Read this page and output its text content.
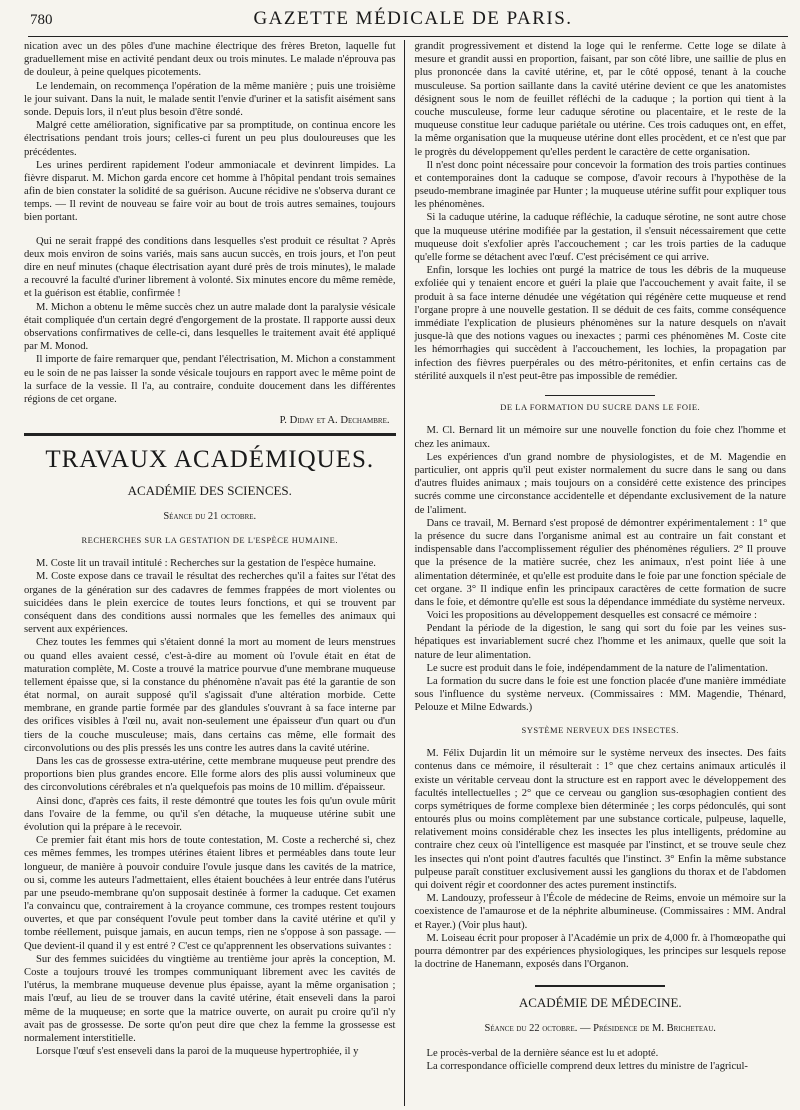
780	GAZETTE MÉDICALE DE PARIS.

nication avec un des pôles d'une machine électrique des frères Breton, laquelle fut graduellement mise en activité pendant deux ou trois minutes. Le malade n'éprouva pas de douleur, à peine quelques picotements.

Le lendemain, on recommença l'opération de la même manière ; puis une troisième le jour suivant. Dans la nuit, le malade sentit l'envie d'uriner et la satisfit aisément sans sonde. Depuis lors, il n'eut plus besoin d'être sondé.

Malgré cette amélioration, significative par sa promptitude, on continua encore les électrisations pendant trois jours; celles-ci furent un peu plus douloureuses que les précédentes.

Les urines perdirent rapidement l'odeur ammoniacale et devinrent limpides. La fièvre disparut. M. Michon garda encore cet homme à l'hôpital pendant trois semaines afin de bien constater la solidité de sa guérison. Aucune récidive ne s'observa durant ce temps. — Il revint de nouveau se faire voir au bout de trois autres semaines, toujours bien portant.

Qui ne serait frappé des conditions dans lesquelles s'est produit ce résultat ? Après deux mois environ de soins variés, mais sans aucun succès, en trois jours, et l'on peut dire en neuf minutes (chaque électrisation ayant duré près de trois minutes), le malade a recouvré la faculté d'uriner librement à volonté. Six minutes encore du même remède, et la guérison est établie, confirmée !

M. Michon a obtenu le même succès chez un autre malade dont la paralysie vésicale était compliquée d'un certain degré d'engorgement de la prostate. Il rapporte aussi deux observations confirmatives de celle-ci, dans lesquelles le traitement avait été appliqué par M. Monod.

Il importe de faire remarquer que, pendant l'électrisation, M. Michon a constamment eu le soin de ne pas laisser la sonde vésicale toujours en rapport avec le même point de la surface de la vessie. Il l'a, au contraire, conduite doucement dans les différentes régions de cet organe.

P. Diday et A. Dechambre.

TRAVAUX ACADÉMIQUES.
ACADÉMIE DES SCIENCES.
Séance du 21 octobre.
RECHERCHES SUR LA GESTATION DE L'ESPÈCE HUMAINE.

M. Coste lit un travail intitulé : Recherches sur la gestation de l'espèce humaine.

M. Coste expose dans ce travail le résultat des recherches qu'il a faites sur l'état des organes de la génération sur des cadavres de femmes frappées de mort violentes ou suicidées dans le plein exercice de toutes leurs fonctions, et qui se trouvent par conséquent dans des conditions aussi normales que les femelles des animaux qui servent aux expériences.

Chez toutes les femmes qui s'étaient donné la mort au moment de leurs menstrues ou quand elles avaient cessé, c'est-à-dire au moment où l'ovule était en état de maturation complète, M. Coste a trouvé la matrice pourvue d'une membrane muqueuse tellement épaisse que, si la constance du phénomène n'avait pas été la garantie de son état normal, on aurait supposé qu'il s'agissait d'une altération morbide. Cette membrane, en grande partie formée par des glandules s'ouvrant à sa face interne par des orifices visibles à l'œil nu, avait non-seulement une épaisseur d'un quart ou d'un tiers de la couche musculeuse; mais, dans certains cas même, elle formait des circonvolutions ou des plis pressés les uns contre les autres dans la cavité utérine.

Dans les cas de grossesse extra-utérine, cette membrane muqueuse peut prendre des proportions bien plus grandes encore. Elle forme alors des plis aussi volumineux que des circonvolutions cérébrales et n'a quelquefois pas moins de 10 millim. d'épaisseur.

Ainsi donc, d'après ces faits, il reste démontré que toutes les fois qu'un ovule mûrit dans l'ovaire de la femme, ou qu'il s'en détache, la muqueuse utérine subit une évolution qui la prépare à le recevoir.

Ce premier fait étant mis hors de toute contestation, M. Coste a recherché si, chez ces mêmes femmes, les trompes utérines étaient libres et perméables dans toute leur longueur, de manière à pouvoir conduire l'ovule jusque dans les cavités de la matrice, ou si, comme les auteurs l'admettaient, elles étaient bouchées à leur entrée dans l'utérus par une pseudo-membrane qu'on supposait destinée à former la caduque. Cet examen l'a convaincu que, contrairement à la croyance commune, ces trompes restent toujours ouvertes, et que par conséquent l'ovule peut tomber dans la cavité utérine et qu'il y tombe réellement, puisque jamais, en aucun temps, rien ne s'oppose à son passage. — Que devient-il quand il y est entré ? C'est ce qu'apprennent les observations suivantes :

Sur des femmes suicidées du vingtième au trentième jour après la conception, M. Coste a toujours trouvé les trompes communiquant librement avec les cavités de l'utérus, la membrane muqueuse devenue plus épaisse, ayant la même organisation ; mais l'œuf, au lieu de se trouver dans la cavité utérine, était enseveli dans la paroi même de la muqueuse; en sorte que la matrice ouverte, on aurait pu croire qu'il n'y avait pas de grossesse. De sorte qu'on peut dire que chez la femme la grossesse est normalement interstitielle.

Lorsque l'œuf s'est enseveli dans la paroi de la muqueuse hypertrophiée, il y

grandit progressivement et distend la loge qui le renferme. Cette loge se dilate à mesure et grandit aussi en proportion, faisant, par son côté libre, une saillie de plus en plus prononcée dans la cavité utérine, et, par le côté opposé, tenant à la couche musculeuse. Sa portion saillante dans la cavité utérine devient ce que les anatomistes désignent sous le nom de feuillet réfléchi de la caduque ; la portion qui tient à la couche musculeuse, forme leur caduque sérotine ou placentaire, et le reste de la muqueuse constitue leur caduque pariétale ou utérine. Ces trois caduques ont, en effet, la même organisation que la muqueuse utérine dont elles procèdent, et ce n'est que par le progrès du développement qu'elles perdent le caractère de cette organisation.

Il n'est donc point nécessaire pour concevoir la formation des trois parties continues et contemporaines dont la caduque se compose, d'avoir recours à l'hypothèse de la pseudo-membrane imaginée par Hunter ; la muqueuse utérine suffit pour expliquer tous les phénomènes.

Si la caduque utérine, la caduque réfléchie, la caduque sérotine, ne sont autre chose que la muqueuse utérine modifiée par la gestation, il s'ensuit nécessairement que cette muqueuse doit s'exfolier après l'accouchement ; car les trois parties de la caduque qu'elle forme se détachent avec l'œuf. C'est précisément ce qui arrive.

Enfin, lorsque les lochies ont purgé la matrice de tous les débris de la muqueuse exfoliée qui y tenaient encore et guéri la plaie que l'accouchement y avait faite, il se produit à sa face interne dénudée une végétation qui régénère cette muqueuse et rend l'organe propre à une nouvelle gestation. Il se déduit de ces faits, comme conséquence immédiate l'explication de plusieurs phénomènes sur la nature desquels on n'avait jusque-là que des notions vagues ou inexactes ; parmi ces phénomènes M. Coste cite les hémorrhagies qui succèdent à l'accouchement, les lochies, la propagation par infection des fièvres puerpérales ou des métro-péritonites, et enfin certains cas de stérilité auxquels il n'est peut-être pas impossible de remédier.

DE LA FORMATION DU SUCRE DANS LE FOIE.

M. Cl. Bernard lit un mémoire sur une nouvelle fonction du foie chez l'homme et chez les animaux.

Les expériences d'un grand nombre de physiologistes, et de M. Magendie en particulier, ont appris qu'il peut exister normalement du sucre dans le sang ou dans d'autres fluides animaux ; mais toujours on a considéré cette existence des principes sucrés comme une circonstance accidentelle et dépendante exclusivement de la nature de l'aliment.

Dans ce travail, M. Bernard s'est proposé de démontrer expérimentalement : 1° que la présence du sucre dans l'organisme animal est au contraire un fait constant et indispensable dans l'accomplissement régulier des phénomènes réguliers. 2° Il prouve que la présence de la matière sucrée, chez les animaux, n'est point liée à une alimentation déterminée, et qu'elle est produite dans le foie par une fonction spéciale de cet organe. 3° Il indique enfin les principaux caractères de cette formation de sucre dans le foie, et démontre qu'elle est sous la dépendance immédiate du système nerveux.

Voici les propositions au développement desquelles est consacré ce mémoire :

Pendant la période de la digestion, le sang qui sort du foie par les veines sus-hépatiques est invariablement sucré chez l'homme et les animaux, quelle que soit la nature de leur alimentation.

Le sucre est produit dans le foie, indépendamment de la nature de l'alimentation.

La formation du sucre dans le foie est une fonction placée d'une manière immédiate sous l'influence du système nerveux. (Commissaires : MM. Magendie, Thénard, Pelouze et Milne Edwards.)

SYSTÈME NERVEUX DES INSECTES.

M. Félix Dujardin lit un mémoire sur le système nerveux des insectes. Des faits contenus dans ce mémoire, il résulterait : 1° que chez certains animaux articulés il existe un véritable cerveau dont la structure est en rapport avec le développement des facultés intellectuelles ; 2° que ce cerveau ou ganglion sus-œsophagien contient des corps symétriques de forme complexe bien déterminée ; les corps pédonculés, qui sont entourés plus ou moins complètement par une substance corticale, pulpeuse, laquelle, relativement moins considérable chez les insectes les plus intelligents, prédomine au contraire chez ceux où l'intelligence est masquée par l'instinct, et se trouve seule chez les insectes qui n'ont point d'autres facultés que l'instinct. 3° Enfin la même substance pulpeuse paraît constituer exclusivement aussi les ganglions du thorax et de l'abdomen qui doivent régir et coordonner des actes purement instinctifs.

M. Landouzy, professeur à l'École de médecine de Reims, envoie un mémoire sur la coexistence de l'amaurose et de la néphrite albumineuse. (Commissaires : MM. Andral et Rayer.) (Voir plus haut).

M. Loiseau écrit pour proposer à l'Académie un prix de 4,000 fr. à l'homœopathe qui pourra démontrer par des expériences physiologiques, les principes sur lesquels repose la doctrine de Hanemann, exposés dans l'Organon.

ACADÉMIE DE MÉDECINE.
Séance du 22 octobre. — Présidence de M. Bricheteau.

Le procès-verbal de la dernière séance est lu et adopté.

La correspondance officielle comprend deux lettres du ministre de l'agricul-
